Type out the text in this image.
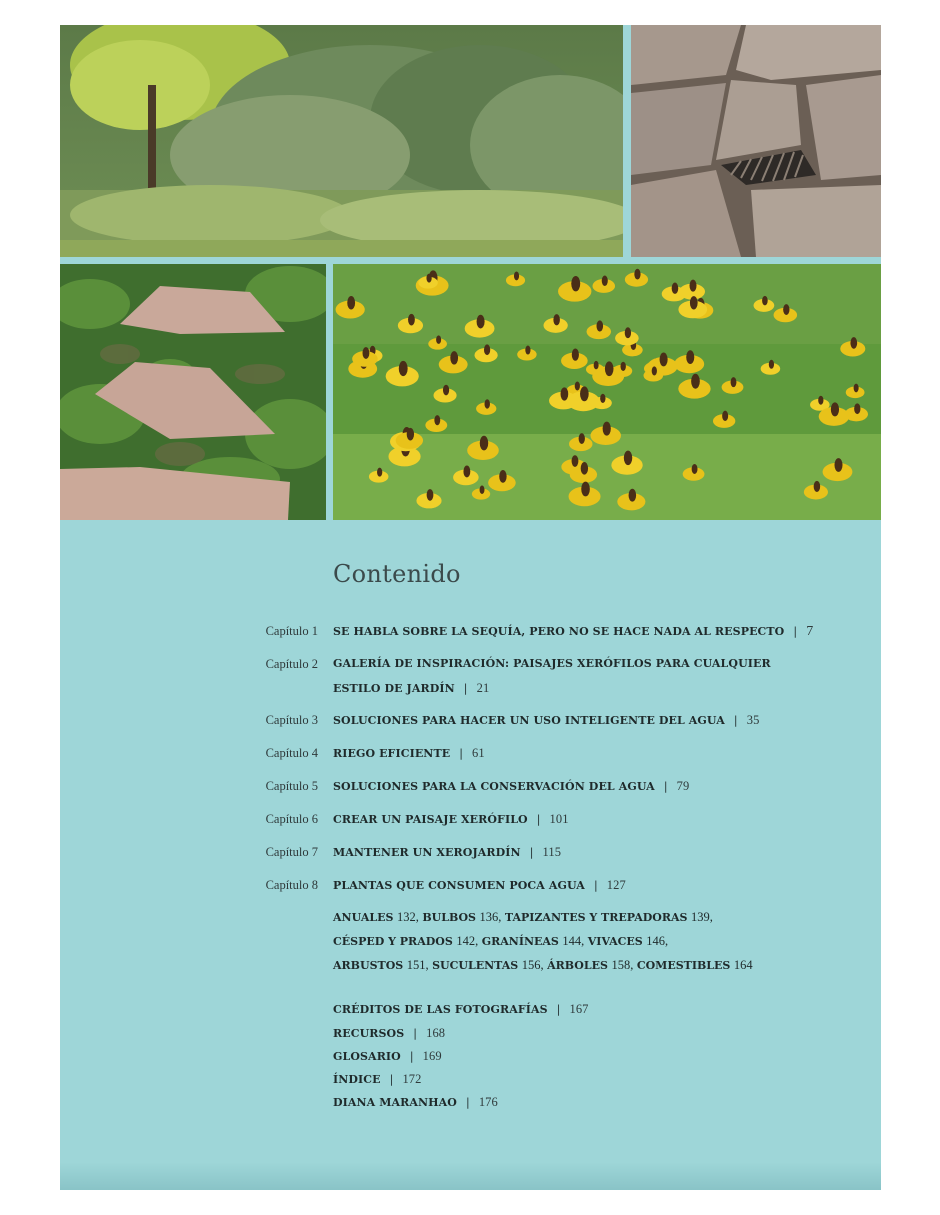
Contenido
Capítulo 1 SE HABLA SOBRE LA SEQUÍA, PERO NO SE HACE NADA AL RESPECTO | 7
Capítulo 2 GALERÍA DE INSPIRACIÓN: PAISAJES XERÓFILOS PARA CUALQUIER
ESTILO DE JARDÍN | 21
Capítulo 3 SOLUCIONES PARA HACER UN USO INTELIGENTE DEL AGUA | 35
Capítulo 4 RIEGO EFICIENTE | 61
Capítulo 5 SOLUCIONES PARA LA CONSERVACIÓN DEL AGUA | 79
Capítulo 6 CREAR UN PAISAJE XERÓFILO | 101
Capítulo 7 MANTENER UN XEROJARDÍN | 115
Capítulo 8 PLANTAS QUE CONSUMEN POCA AGUA | 127
ANUALES 132, BULBOS 136, TAPIZANTES Y TREPADORAS 139,
CÉSPED Y PRADOS 142, GRANÍNEAS 144, VIVACES 146,
ARBUSTOS 151, SUCULENTAS 156, ÁRBOLES 158, COMESTIBLES 164
CRÉDITOS DE LAS FOTOGRAFÍAS | 167
RECURSOS | 168
GLOSARIO | 169
ÍNDICE | 172
DIANA MARANHAO | 176
